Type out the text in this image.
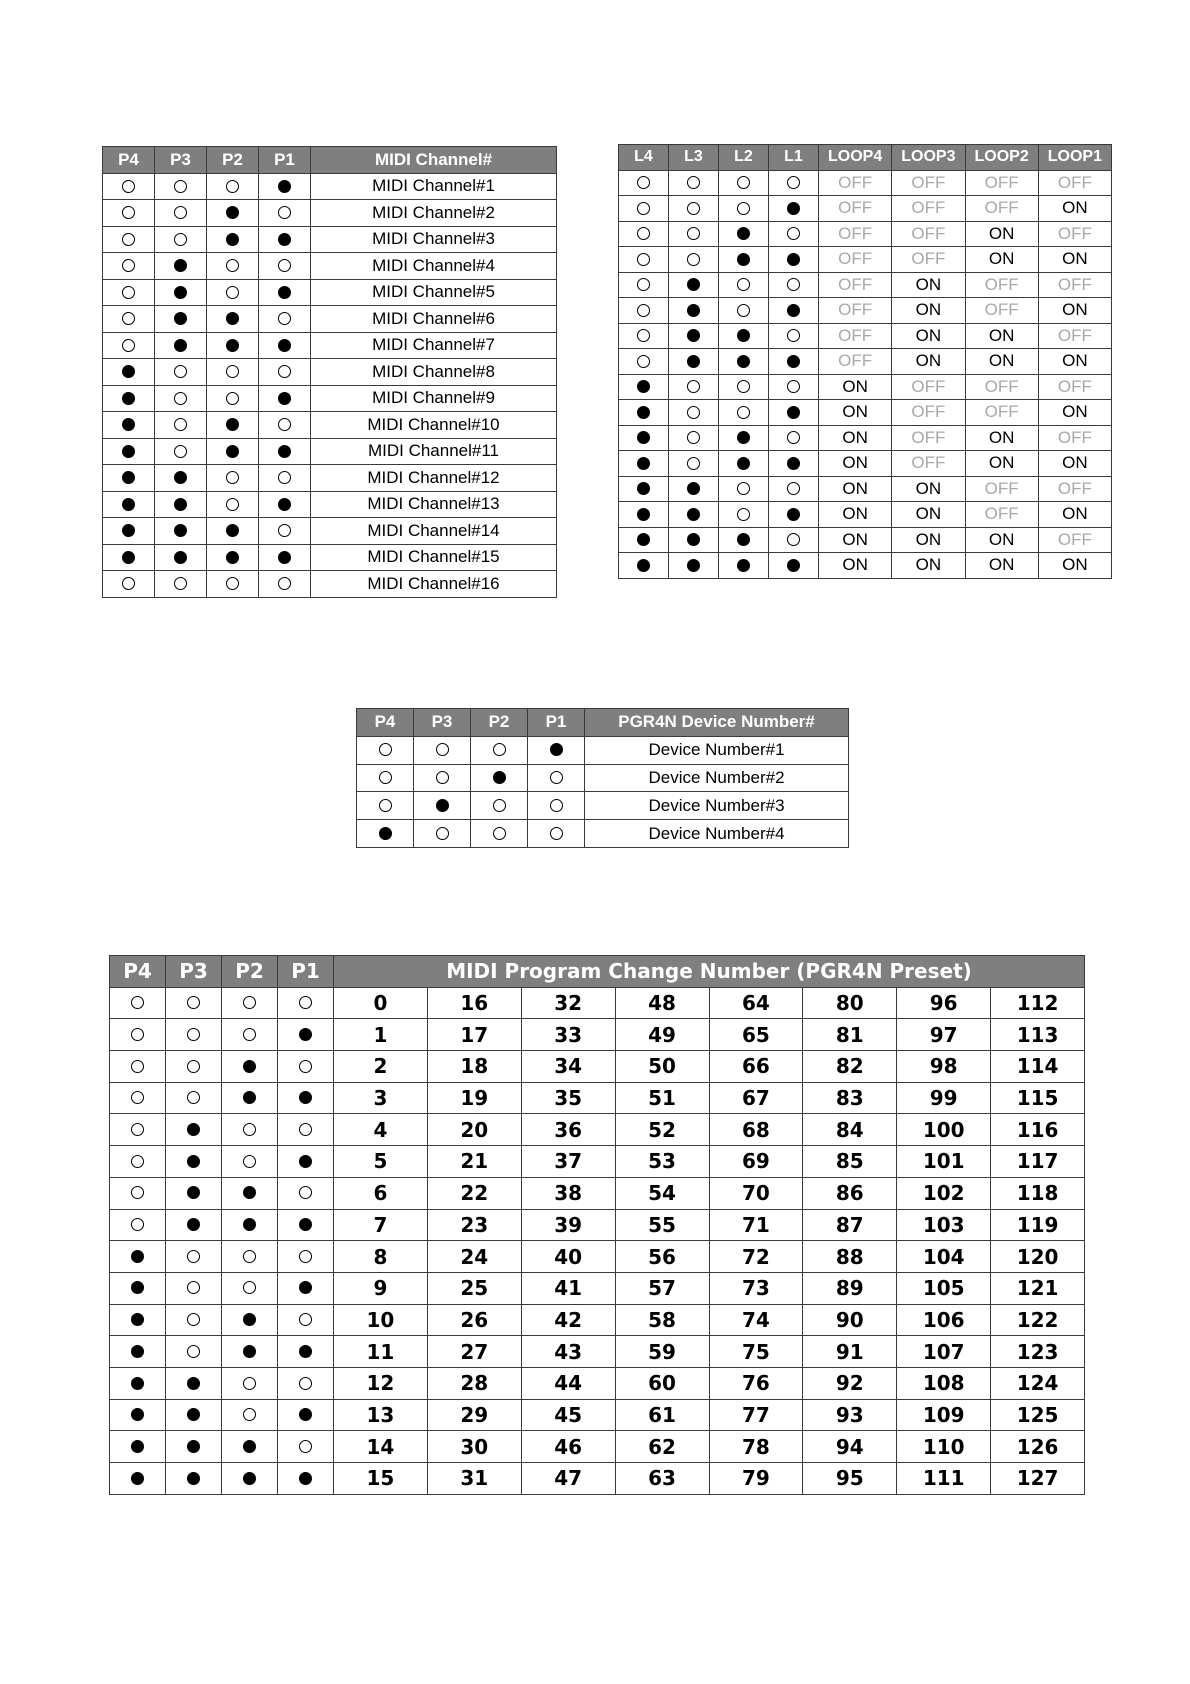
P4	P3	P2	P1	MIDI Channel#
				MIDI Channel#1
				MIDI Channel#2
				MIDI Channel#3
				MIDI Channel#4
				MIDI Channel#5
				MIDI Channel#6
				MIDI Channel#7
				MIDI Channel#8
				MIDI Channel#9
				MIDI Channel#10
				MIDI Channel#11
				MIDI Channel#12
				MIDI Channel#13
				MIDI Channel#14
				MIDI Channel#15
				MIDI Channel#16
L4	L3	L2	L1	LOOP4	LOOP3	LOOP2	LOOP1
				OFF	OFF	OFF	OFF
				OFF	OFF	OFF	ON
				OFF	OFF	ON	OFF
				OFF	OFF	ON	ON
				OFF	ON	OFF	OFF
				OFF	ON	OFF	ON
				OFF	ON	ON	OFF
				OFF	ON	ON	ON
				ON	OFF	OFF	OFF
				ON	OFF	OFF	ON
				ON	OFF	ON	OFF
				ON	OFF	ON	ON
				ON	ON	OFF	OFF
				ON	ON	OFF	ON
				ON	ON	ON	OFF
				ON	ON	ON	ON
P4	P3	P2	P1	PGR4N Device Number#
				Device Number#1
				Device Number#2
				Device Number#3
				Device Number#4
P4	P3	P2	P1	MIDI Program Change Number (PGR4N Preset)							
				0	16	32	48	64	80	96	112
				1	17	33	49	65	81	97	113
				2	18	34	50	66	82	98	114
				3	19	35	51	67	83	99	115
				4	20	36	52	68	84	100	116
				5	21	37	53	69	85	101	117
				6	22	38	54	70	86	102	118
				7	23	39	55	71	87	103	119
				8	24	40	56	72	88	104	120
				9	25	41	57	73	89	105	121
				10	26	42	58	74	90	106	122
				11	27	43	59	75	91	107	123
				12	28	44	60	76	92	108	124
				13	29	45	61	77	93	109	125
				14	30	46	62	78	94	110	126
				15	31	47	63	79	95	111	127
